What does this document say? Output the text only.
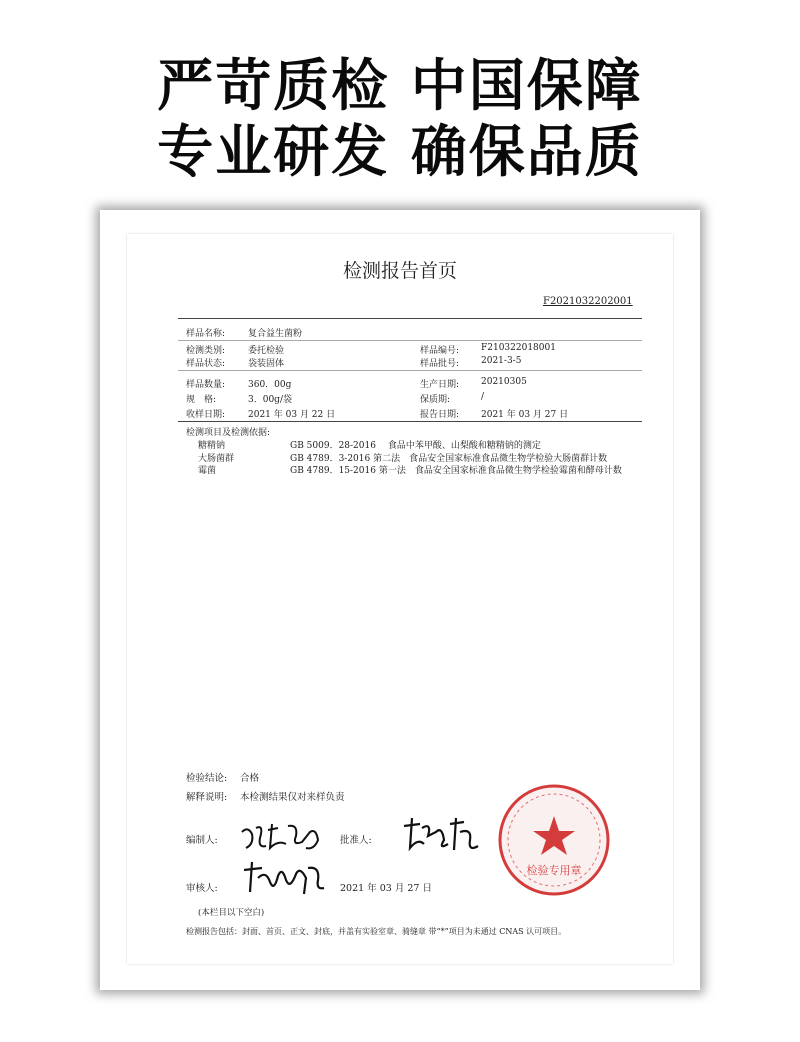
严苛质检 中国保障
专业研发 确保品质
检测报告首页
F2021032202001
样品名称:	复合益生菌粉
检测类别:	委托检验	样品编号: F210322018001
样品状态:	袋装固体	样品批号: 2021-3-5
样品数量:	360．00g	生产日期: 20210305
规　格:	3．00g/袋	保质期:	/
收样日期:	2021 年 03 月 22 日	报告日期: 2021 年 03 月 27 日
检测项目及检测依据:
糖精钠	GB 5009．28-2016　 食品中苯甲酸、山梨酸和糖精钠的测定
大肠菌群	GB 4789．3-2016 第二法　食品安全国家标准食品微生物学检验大肠菌群计数
霉菌	GB 4789．15-2016 第一法　食品安全国家标准食品微生物学检验霉菌和酵母计数
检验结论: 合格
解释说明: 本检测结果仅对来样负责
编制人:	批准人:
审核人:	2021 年 03 月 27 日
(本栏目以下空白)
检测报告包括：封面、首页、正文、封底，并盖有实验室章、骑缝章 带“*”项目为未通过 CNAS 认可项目。
检验专用章
